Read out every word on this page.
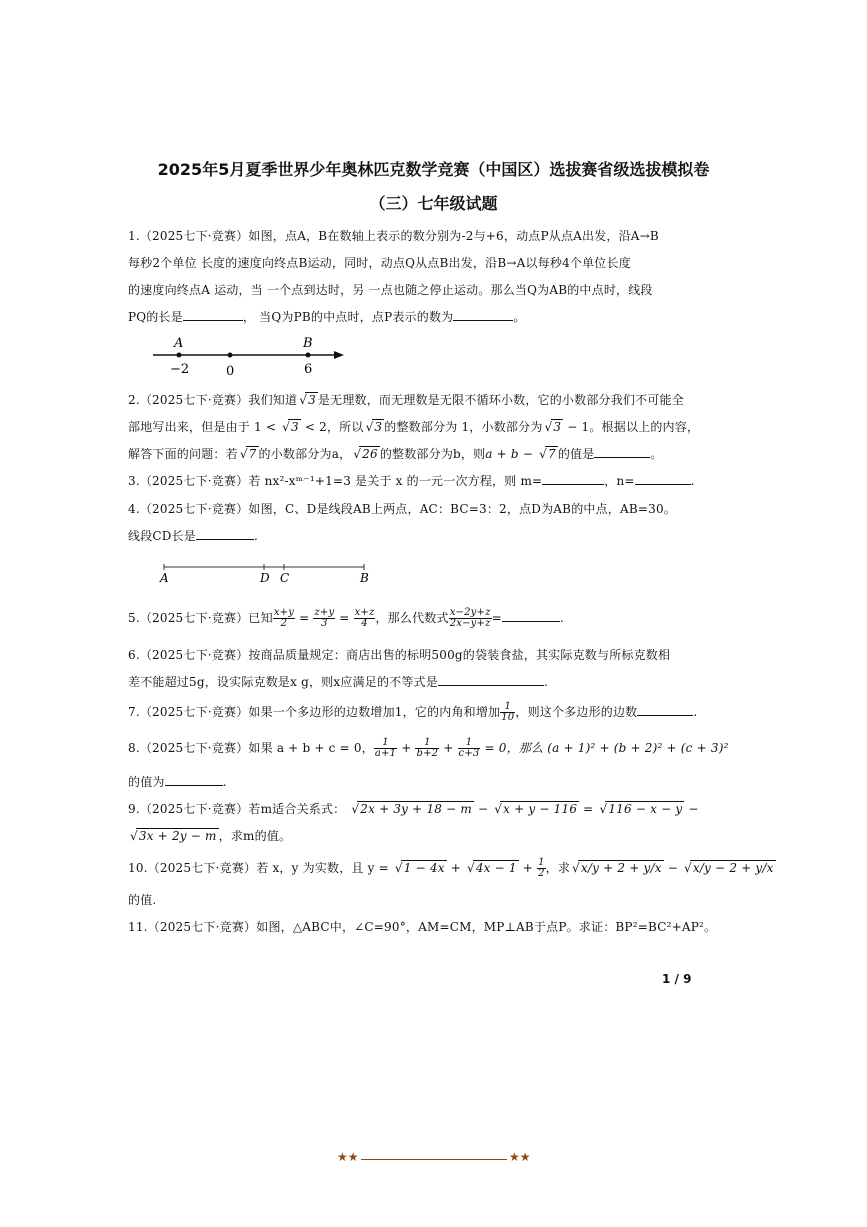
2025年5月夏季世界少年奥林匹克数学竞赛（中国区）选拔赛省级选拔模拟卷
（三）七年级试题
1.（2025七下·竞赛）如图，点A，B在数轴上表示的数分别为-2与+6，动点P从点A出发，沿A→B
每秒2个单位 长度的速度向终点B运动，同时，动点Q从点B出发，沿B→A以每秒4个单位长度
的速度向终点A 运动，当 一个点到达时，另 一点也随之停止运动。那么当Q为AB的中点时，线段
PQ的长是	， 当Q为PB的中点时，点P表示的数为	。
A	B
−2	0	6
2.（2025七下·竞赛）我们知道 √ 3 是无理数，而无理数是无限不循环小数，它的小数部分我们不可能全
部地写出来，但是由于 1 < √ 3 < 2，所以 √ 3 的整数部分为 1，小数部分为 √ 3 − 1。根据以上的内容，
解答下面的问题：若 √ 7 的小数部分为a， √ 26 的整数部分为b，则a + b − √ 7 的值是	。
3.（2025七下·竞赛）若 nx²-xᵐ⁻¹+1=3 是关于 x 的一元一次方程，则 m=	，n=	.
4.（2025七下·竞赛）如图，C、D是线段AB上两点，AC：BC=3：2，点D为AB的中点，AB=30。
线段CD长是	.
A	D C	B
5.（2025七下·竞赛）已知 $\frac{x+y}{2} = \frac{z+y}{3} = \frac{x+z}{4}$ ，那么代数式 $\frac{x-2y+z}{2x-y+z}$ =	.
6.（2025七下·竞赛）按商品质量规定：商店出售的标明500g的袋装食盐，其实际克数与所标克数相
差不能超过5g，设实际克数是x g，则x应满足的不等式是	.
7.（2025七下·竞赛）如果一个多边形的边数增加1，它的内角和增加 $\frac{1}{10}$ ，则这个多边形的边数	.
8.（2025七下·竞赛）如果 a + b + c = 0， $\frac{1}{a+1} + \frac{1}{b+2} + \frac{1}{c+3} = 0$，那么 (a + 1)² + (b + 2)² + (c + 3)²
的值为	.
9.（2025七下·竞赛）若m适合关系式： √ 2x + 3y + 18 − m − √ x + y − 116 = √ 116 − x − y −
√ 3x + 2y − m ，求m的值。
10.（2025七下·竞赛）若 x，y 为实数，且 y = √ 1 − 4x + √ $4x - 1 + \frac{1}{2}$ ，求 √ x/y + 2 + y/x − √ x/y − 2 + y/x
的值.
11.（2025七下·竞赛）如图，△ABC中，∠C=90°，AM=CM，MP⊥AB于点P。求证：BP²=BC²+AP²。
1 / 9
★★	★★
